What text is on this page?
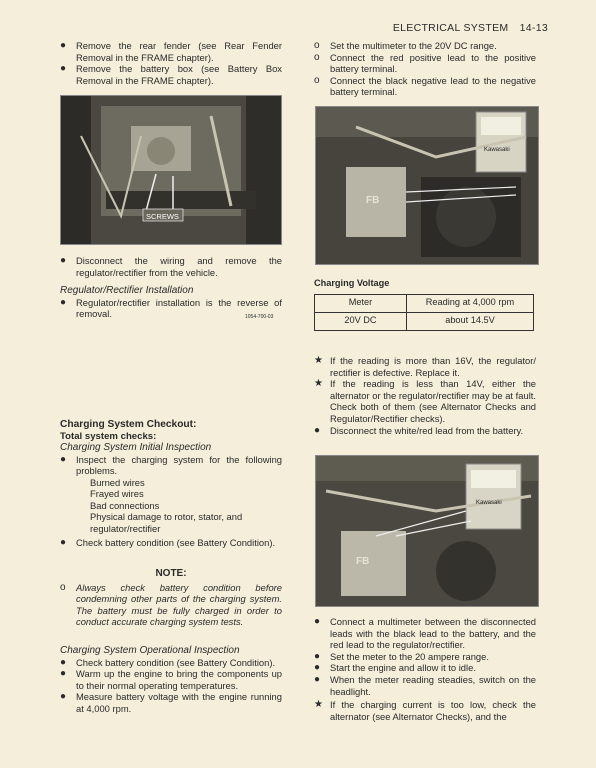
ELECTRICAL SYSTEM 14-13
●	Remove the rear fender (see Rear Fender Removal in the FRAME chapter).
●	Remove the battery box (see Battery Box Removal in the FRAME chapter).
SCREWS
●	Disconnect the wiring and remove the regulator/rectifier from the vehicle.

Regulator/Rectifier Installation

●	Regulator/rectifier installation is the reverse of removal.	1054-700-03
Charging System Checkout:
Total system checks:

Charging System Initial Inspection

●	Inspect the charging system for the following problems.
Burned wires
Frayed wires
Bad connections
Physical damage to rotor, stator, and regulator/rectifier
●	Check battery condition (see Battery Condition).

NOTE:

o	Always check battery condition before condemning other parts of the charging system. The battery must be fully charged in order to conduct accurate charging system tests.

Charging System Operational Inspection

●	Check battery condition (see Battery Condition).
●	Warm up the engine to bring the components up to their normal operating temperatures.
●	Measure battery voltage with the engine running at 4,000 rpm.
o	Set the multimeter to the 20V DC range.
o	Connect the red positive lead to the positive battery terminal.
o	Connect the black negative lead to the negative battery terminal.
FB
Kawasaki
Charging Voltage
Meter	Reading at 4,000 rpm
20V DC	about 14.5V
★ If the reading is more than 16V, the regulator/ rectifier is defective. Replace it.
★ If the reading is less than 14V, either the alternator or the regulator/rectifier may be at fault. Check both of them (see Alternator Checks and Regulator/Rectifier checks).
●	Disconnect the white/red lead from the battery.
FB
Kawasaki
●	Connect a multimeter between the disconnected leads with the black lead to the battery, and the red lead to the regulator/rectifier.
●	Set the meter to the 20 ampere range.
●	Start the engine and allow it to idle.
●	When the meter reading steadies, switch on the headlight.
★ If the charging current is too low, check the alternator (see Alternator Checks), and the
